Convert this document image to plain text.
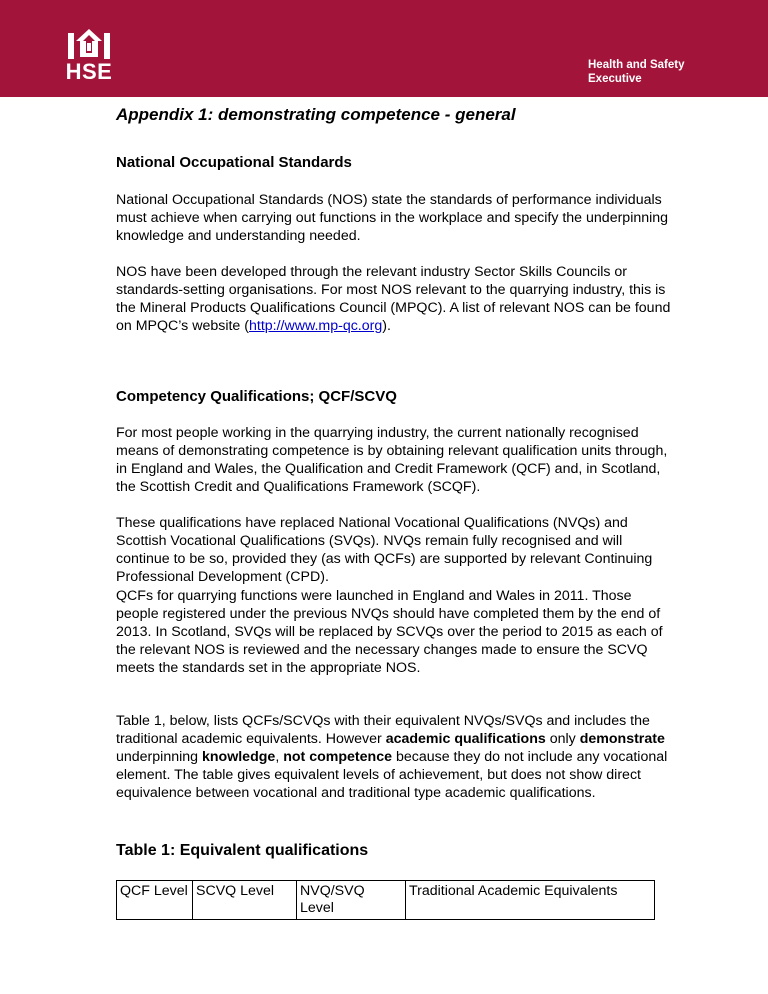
HSE	Health and Safety
Executive
Appendix 1: demonstrating competence - general
National Occupational Standards

National Occupational Standards (NOS) state the standards of performance individuals must achieve when carrying out functions in the workplace and specify the underpinning knowledge and understanding needed.

NOS have been developed through the relevant industry Sector Skills Councils or standards-setting organisations. For most NOS relevant to the quarrying industry, this is the Mineral Products Qualifications Council (MPQC). A list of relevant NOS can be found on MPQC’s website (http://www.mp-qc.org).

Competency Qualifications; QCF/SCVQ

For most people working in the quarrying industry, the current nationally recognised means of demonstrating competence is by obtaining relevant qualification units through, in England and Wales, the Qualification and Credit Framework (QCF) and, in Scotland, the Scottish Credit and Qualifications Framework (SCQF).

These qualifications have replaced National Vocational Qualifications (NVQs) and Scottish Vocational Qualifications (SVQs). NVQs remain fully recognised and will continue to be so, provided they (as with QCFs) are supported by relevant Continuing Professional Development (CPD).

QCFs for quarrying functions were launched in England and Wales in 2011. Those people registered under the previous NVQs should have completed them by the end of 2013. In Scotland, SVQs will be replaced by SCVQs over the period to 2015 as each of the relevant NOS is reviewed and the necessary changes made to ensure the SCVQ meets the standards set in the appropriate NOS.

Table 1, below, lists QCFs/SCVQs with their equivalent NVQs/SVQs and includes the traditional academic equivalents. However academic qualifications only demonstrate underpinning knowledge, not competence because they do not include any vocational element. The table gives equivalent levels of achievement, but does not show direct equivalence between vocational and traditional type academic qualifications.

Table 1: Equivalent qualifications
QCF Level	SCVQ Level	NVQ/SVQ Level	Traditional Academic Equivalents
